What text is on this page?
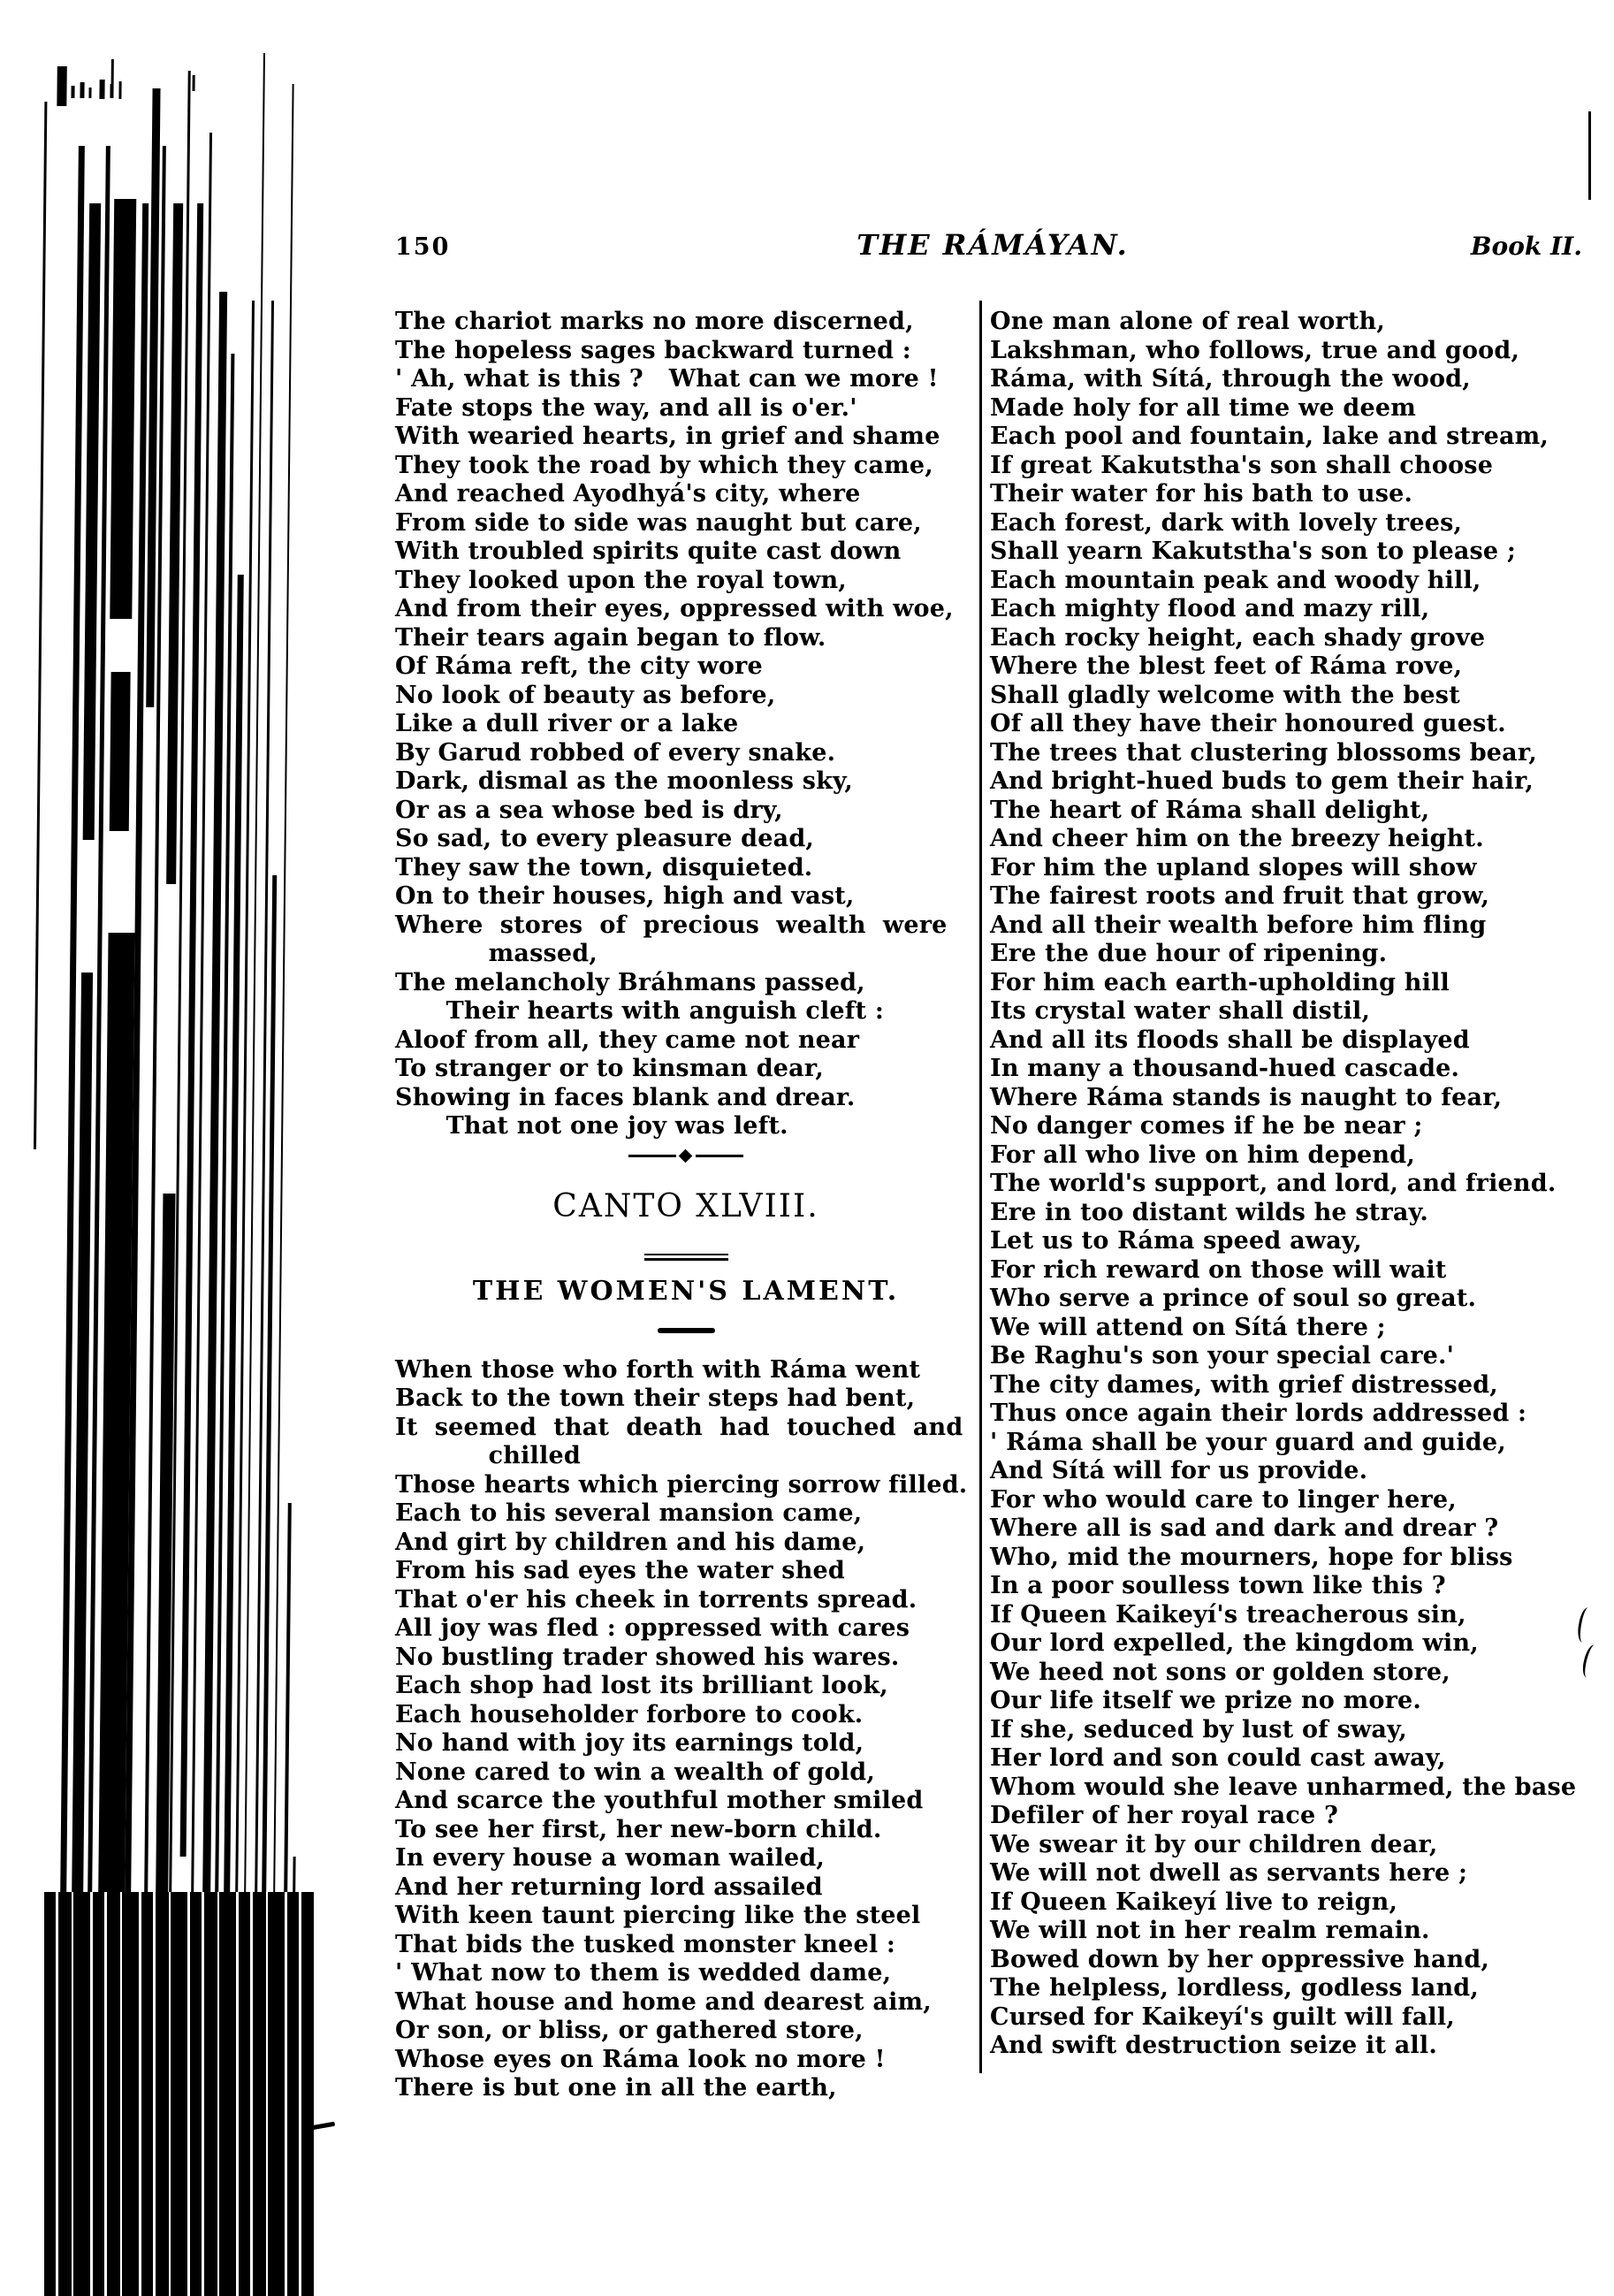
150	THE RÁMÁYAN.	Book II.
The chariot marks no more discerned,
The hopeless sages backward turned :
' Ah, what is this ?   What can we more !
Fate stops the way, and all is o'er.'
With wearied hearts, in grief and shame
They took the road by which they came,
And reached Ayodhyá's city, where
From side to side was naught but care,
With troubled spirits quite cast down
They looked upon the royal town,
And from their eyes, oppressed with woe,
Their tears again began to flow.
Of Ráma reft, the city wore
No look of beauty as before,
Like a dull river or a lake
By Garud robbed of every snake.
Dark, dismal as the moonless sky,
Or as a sea whose bed is dry,
So sad, to every pleasure dead,
They saw the town, disquieted.
On to their houses, high and vast,
Where  stores  of  precious  wealth  were
massed,
The melancholy Bráhmans passed,
Their hearts with anguish cleft :
Aloof from all, they came not near
To stranger or to kinsman dear,
Showing in faces blank and drear.
That not one joy was left.
CANTO XLVIII.
THE WOMEN'S LAMENT.
When those who forth with Ráma went
Back to the town their steps had bent,
It  seemed  that  death  had  touched  and
chilled
Those hearts which piercing sorrow filled.
Each to his several mansion came,
And girt by children and his dame,
From his sad eyes the water shed
That o'er his cheek in torrents spread.
All joy was fled : oppressed with cares
No bustling trader showed his wares.
Each shop had lost its brilliant look,
Each householder forbore to cook.
No hand with joy its earnings told,
None cared to win a wealth of gold,
And scarce the youthful mother smiled
To see her first, her new-born child.
In every house a woman wailed,
And her returning lord assailed
With keen taunt piercing like the steel
That bids the tusked monster kneel :
' What now to them is wedded dame,
What house and home and dearest aim,
Or son, or bliss, or gathered store,
Whose eyes on Ráma look no more !
There is but one in all the earth,
One man alone of real worth,
Lakshman, who follows, true and good,
Ráma, with Sítá, through the wood,
Made holy for all time we deem
Each pool and fountain, lake and stream,
If great Kakutstha's son shall choose
Their water for his bath to use.
Each forest, dark with lovely trees,
Shall yearn Kakutstha's son to please ;
Each mountain peak and woody hill,
Each mighty flood and mazy rill,
Each rocky height, each shady grove
Where the blest feet of Ráma rove,
Shall gladly welcome with the best
Of all they have their honoured guest.
The trees that clustering blossoms bear,
And bright-hued buds to gem their hair,
The heart of Ráma shall delight,
And cheer him on the breezy height.
For him the upland slopes will show
The fairest roots and fruit that grow,
And all their wealth before him fling
Ere the due hour of ripening.
For him each earth-upholding hill
Its crystal water shall distil,
And all its floods shall be displayed
In many a thousand-hued cascade.
Where Ráma stands is naught to fear,
No danger comes if he be near ;
For all who live on him depend,
The world's support, and lord, and friend.
Ere in too distant wilds he stray.
Let us to Ráma speed away,
For rich reward on those will wait
Who serve a prince of soul so great.
We will attend on Sítá there ;
Be Raghu's son your special care.'
The city dames, with grief distressed,
Thus once again their lords addressed :
' Ráma shall be your guard and guide,
And Sítá will for us provide.
For who would care to linger here,
Where all is sad and dark and drear ?
Who, mid the mourners, hope for bliss
In a poor soulless town like this ?
If Queen Kaikeyí's treacherous sin,
Our lord expelled, the kingdom win,
We heed not sons or golden store,
Our life itself we prize no more.
If she, seduced by lust of sway,
Her lord and son could cast away,
Whom would she leave unharmed, the base
Defiler of her royal race ?
We swear it by our children dear,
We will not dwell as servants here ;
If Queen Kaikeyí live to reign,
We will not in her realm remain.
Bowed down by her oppressive hand,
The helpless, lordless, godless land,
Cursed for Kaikeyí's guilt will fall,
And swift destruction seize it all.
